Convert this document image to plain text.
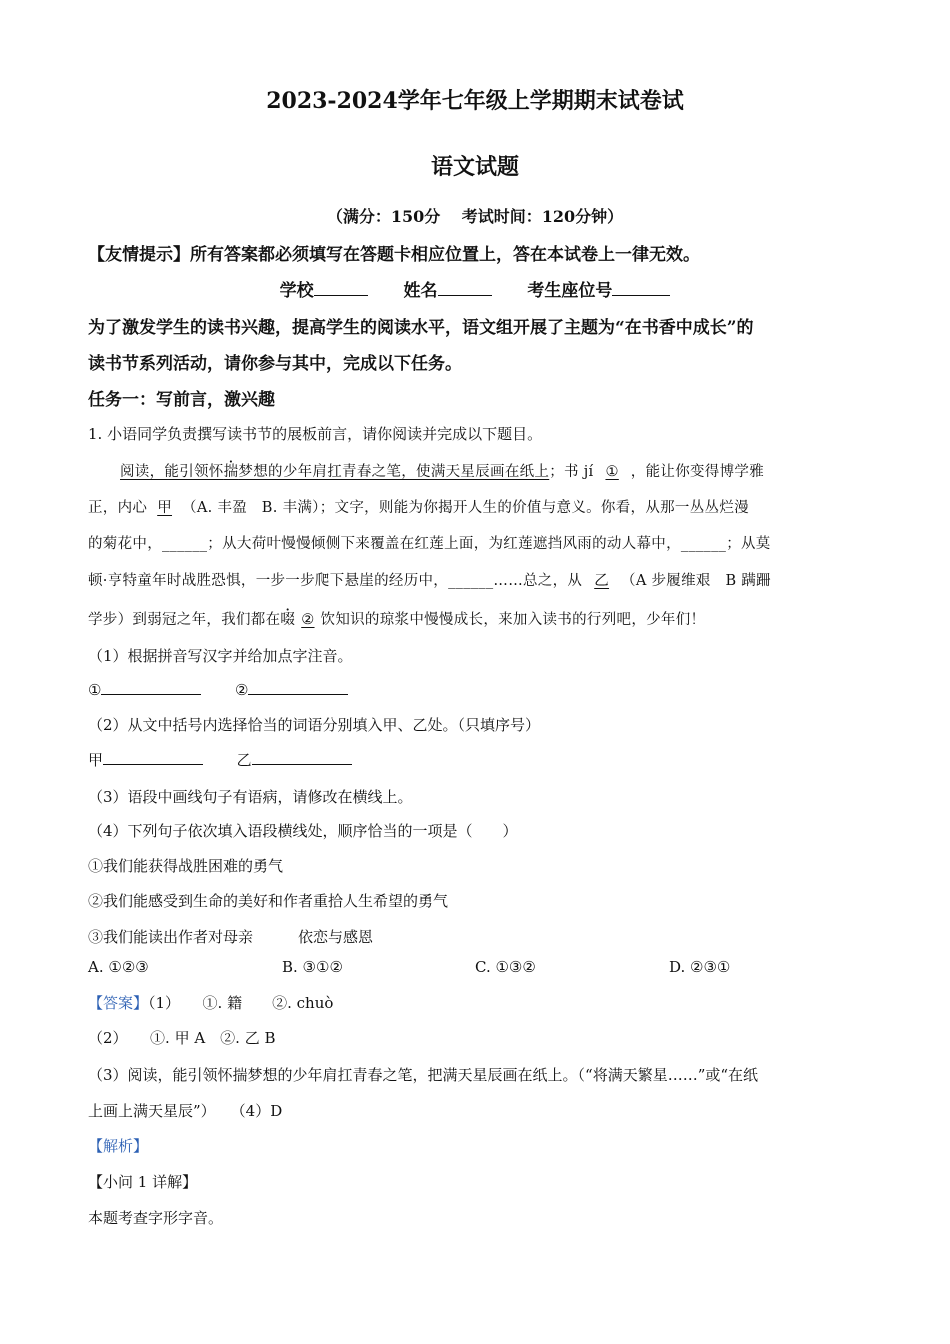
2023-2024学年七年级上学期期末试卷试
语文试题
（满分：150分　 考试时间：120分钟）
【友情提示】所有答案都必须填写在答题卡相应位置上，答在本试卷上一律无效。
学校	姓名	考生座位号
为了激发学生的读书兴趣，提高学生的阅读水平，语文组开展了主题为“在书香中成长”的
读书节系列活动，请你参与其中，完成以下任务。
任务一：写前言，激兴趣
1. 小语同学负责撰写读书节的展板前言，请你阅读并完成以下题目。
阅读，能引领怀揣梦想的少年肩扛青春之笔，使满天星辰画在纸上；书 jí ① ，能让你变得博学雅
正，内心 甲 （A. 丰盈　B. 丰满）；文字，则能为你揭开人生的价值与意义。你看，从那一丛丛烂漫
的菊花中，______；从大荷叶慢慢倾侧下来覆盖在红莲上面，为红莲遮挡风雨的动人幕中，______；从莫
顿·亨特童年时战胜恐惧，一步一步爬下悬崖的经历中，______……总之，从 乙 （A 步履维艰　B 蹒跚
学步）到弱冠之年，我们都在啜 ② 饮知识的琼浆中慢慢成长，来加入读书的行列吧，少年们！
（1）根据拼音写汉字并给加点字注音。
①	②
（2）从文中括号内选择恰当的词语分别填入甲、乙处。（只填序号）
甲	乙
（3）语段中画线句子有语病，请修改在横线上。
（4）下列句子依次填入语段横线处，顺序恰当的一项是（　　）
①我们能获得战胜困难的勇气
②我们能感受到生命的美好和作者重拾人生希望的勇气
③我们能读出作者对母亲　　　依恋与感恩
A. ①②③	B. ③①②	C. ①③②	D. ②③①
【答案】（1）　　①. 籍　　②. chuò
（2）　　①. 甲 A　②. 乙 B
（3）阅读，能引领怀揣梦想的少年肩扛青春之笔，把满天星辰画在纸上。（“将满天繁星……”或“在纸
上画上满天星辰”）　　（4）D
【解析】
【小问 1 详解】
本题考查字形字音。
